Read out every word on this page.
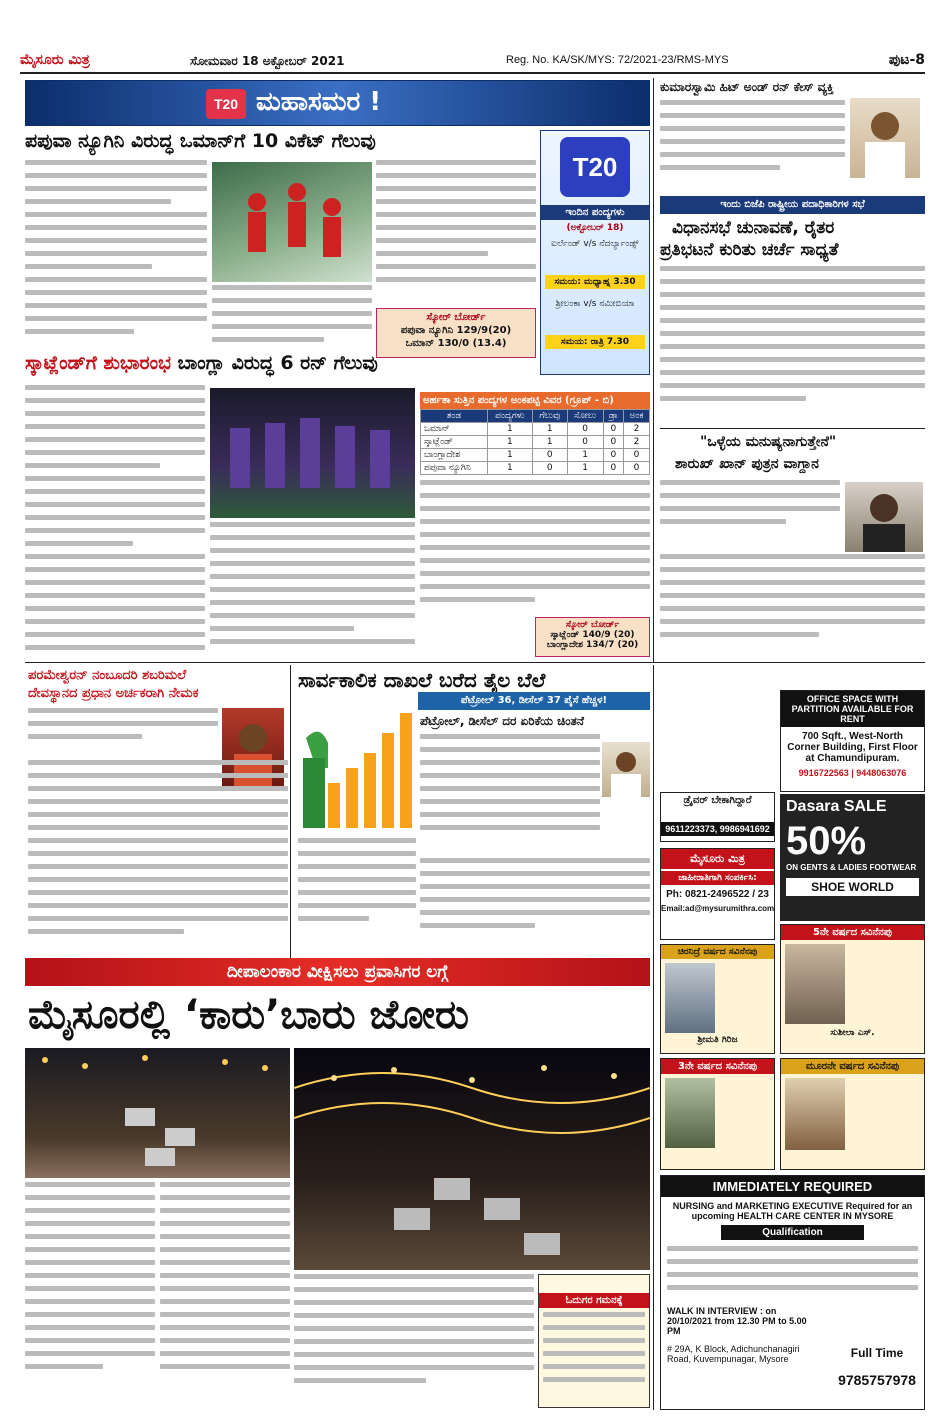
ಮೈಸೂರು ಮಿತ್ರ	ಸೋಮವಾರ 18 ಅಕ್ಟೋಬರ್ 2021	Reg. No. KA/SK/MYS: 72/2021-23/RMS-MYS	ಪುಟ-8
T20 ಮಹಾಸಮರ !
ಪಪುವಾ ನ್ಯೂಗಿನಿ ವಿರುದ್ಧ ಒಮಾನ್‌ಗೆ 10 ವಿಕೆಟ್ ಗೆಲುವು
ಸ್ಕೋರ್ ಬೋರ್ಡ್
ಪಪುವಾ ನ್ಯೂಗಿನಿ 129/9(20)
ಒಮಾನ್ 130/0 (13.4)
T20
ಇಂದಿನ ಪಂದ್ಯಗಳು
(ಅಕ್ಟೋಬರ್ 18)
ಐರ್ಲೆಂಡ್ v/s ನೆದರ್ಲ್ಯಾಂಡ್ಸ್
ಸಮಯ: ಮಧ್ಯಾಹ್ನ 3.30
ಶ್ರೀಲಂಕಾ v/s ನಮೀಬಿಯಾ
ಸಮಯ: ರಾತ್ರಿ 7.30
ಸ್ಕಾಟ್ಲೆಂಡ್‌ಗೆ ಶುಭಾರಂಭ ಬಾಂಗ್ಲಾ ವಿರುದ್ಧ 6 ರನ್ ಗೆಲುವು
ಅರ್ಹತಾ ಸುತ್ತಿನ ಪಂದ್ಯಗಳ ಅಂಕಪಟ್ಟಿ ವಿವರ (ಗ್ರೂಪ್ - ಬಿ)
ತಂಡ	ಪಂದ್ಯಗಳು	ಗೆಲುವು	ಸೋಲು	ಡ್ರಾ	ಅಂಕ
ಒಮಾನ್	1	1	0	0	2
ಸ್ಕಾಟ್ಲೆಂಡ್	1	1	0	0	2
ಬಾಂಗ್ಲಾದೇಶ	1	0	1	0	0
ಪಪುವಾ ನ್ಯೂಗಿನಿ	1	0	1	0	0
ಸ್ಕೋರ್ ಬೋರ್ಡ್
ಸ್ಕಾಟ್ಲೆಂಡ್ 140/9 (20)
ಬಾಂಗ್ಲಾದೇಶ 134/7 (20)
ಕುಮಾರಸ್ವಾಮಿ ಹಿಟ್ ಅಂಡ್ ರನ್ ಕೇಸ್ ವ್ಯಕ್ತಿ
ಇಂದು ಬಿಜೆಪಿ ರಾಷ್ಟ್ರೀಯ ಪದಾಧಿಕಾರಿಗಳ ಸಭೆ
ವಿಧಾನಸಭೆ ಚುನಾವಣೆ, ರೈತರ
ಪ್ರತಿಭಟನೆ ಕುರಿತು ಚರ್ಚೆ ಸಾಧ್ಯತೆ
"ಒಳ್ಳೆಯ ಮನುಷ್ಯನಾಗುತ್ತೇನೆ"
ಶಾರುಖ್ ಖಾನ್ ಪುತ್ರನ ವಾಗ್ದಾನ
ಪರಮೇಶ್ವರನ್ ನಂಬೂದರಿ ಶಬರಿಮಲೆ
ದೇವಸ್ಥಾನದ ಪ್ರಧಾನ ಅರ್ಚಕರಾಗಿ ನೇಮಕ
ಸಾರ್ವಕಾಲಿಕ ದಾಖಲೆ ಬರೆದ ತೈಲ ಬೆಲೆ
ಪೆಟ್ರೋಲ್ 36, ಡೀಸೆಲ್ 37 ಪೈಸೆ ಹೆಚ್ಚಳ!
ಪೆಟ್ರೋಲ್, ಡೀಸೆಲ್ ದರ ಏರಿಕೆಯ ಚಿಂತನೆ
ದೀಪಾಲಂಕಾರ ವೀಕ್ಷಿಸಲು ಪ್ರವಾಸಿಗರ ಲಗ್ಗೆ
ಮೈಸೂರಲ್ಲಿ ‘ಕಾರು’ಬಾರು ಜೋರು
ಓದುಗರ ಗಮನಕ್ಕೆ
OFFICE SPACE WITH PARTITION AVAILABLE FOR RENT
700 Sqft., West-North Corner Building, First Floor at Chamundipuram.
9916722563 | 9448063076
ಡ್ರೈವರ್ ಬೇಕಾಗಿದ್ದಾರೆ
9611223373, 9986941692
Dasara SALE
50%
ON GENTS & LADIES FOOTWEAR
SHOE WORLD
ಮೈಸೂರು ಮಿತ್ರ
ಜಾಹೀರಾತಿಗಾಗಿ ಸಂಪರ್ಕಿಸಿ:
Ph: 0821-2496522 / 23
Email:ad@mysurumithra.com
ಚಿರನಿದ್ರೆ ವರ್ಷದ ಸವಿನೆನಪು
ಶ್ರೀಮತಿ ಗಿರಿಜ
5ನೇ ವರ್ಷದ ಸವಿನೆನಪು
ಸುಶೀಲಾ ಎಸ್.
3ನೇ ವರ್ಷದ ಸವಿನೆನಪು	ಮೂರನೇ ವರ್ಷದ ಸವಿನೆನಪು
IMMEDIATELY REQUIRED
NURSING and MARKETING EXECUTIVE Required for an upcoming HEALTH CARE CENTER IN MYSORE
Qualification
WALK IN INTERVIEW : on 20/10/2021 from 12.30 PM to 5.00 PM
# 29A, K Block, Adichunchanagiri Road, Kuvempunagar, Mysore	Full Time
9785757978
